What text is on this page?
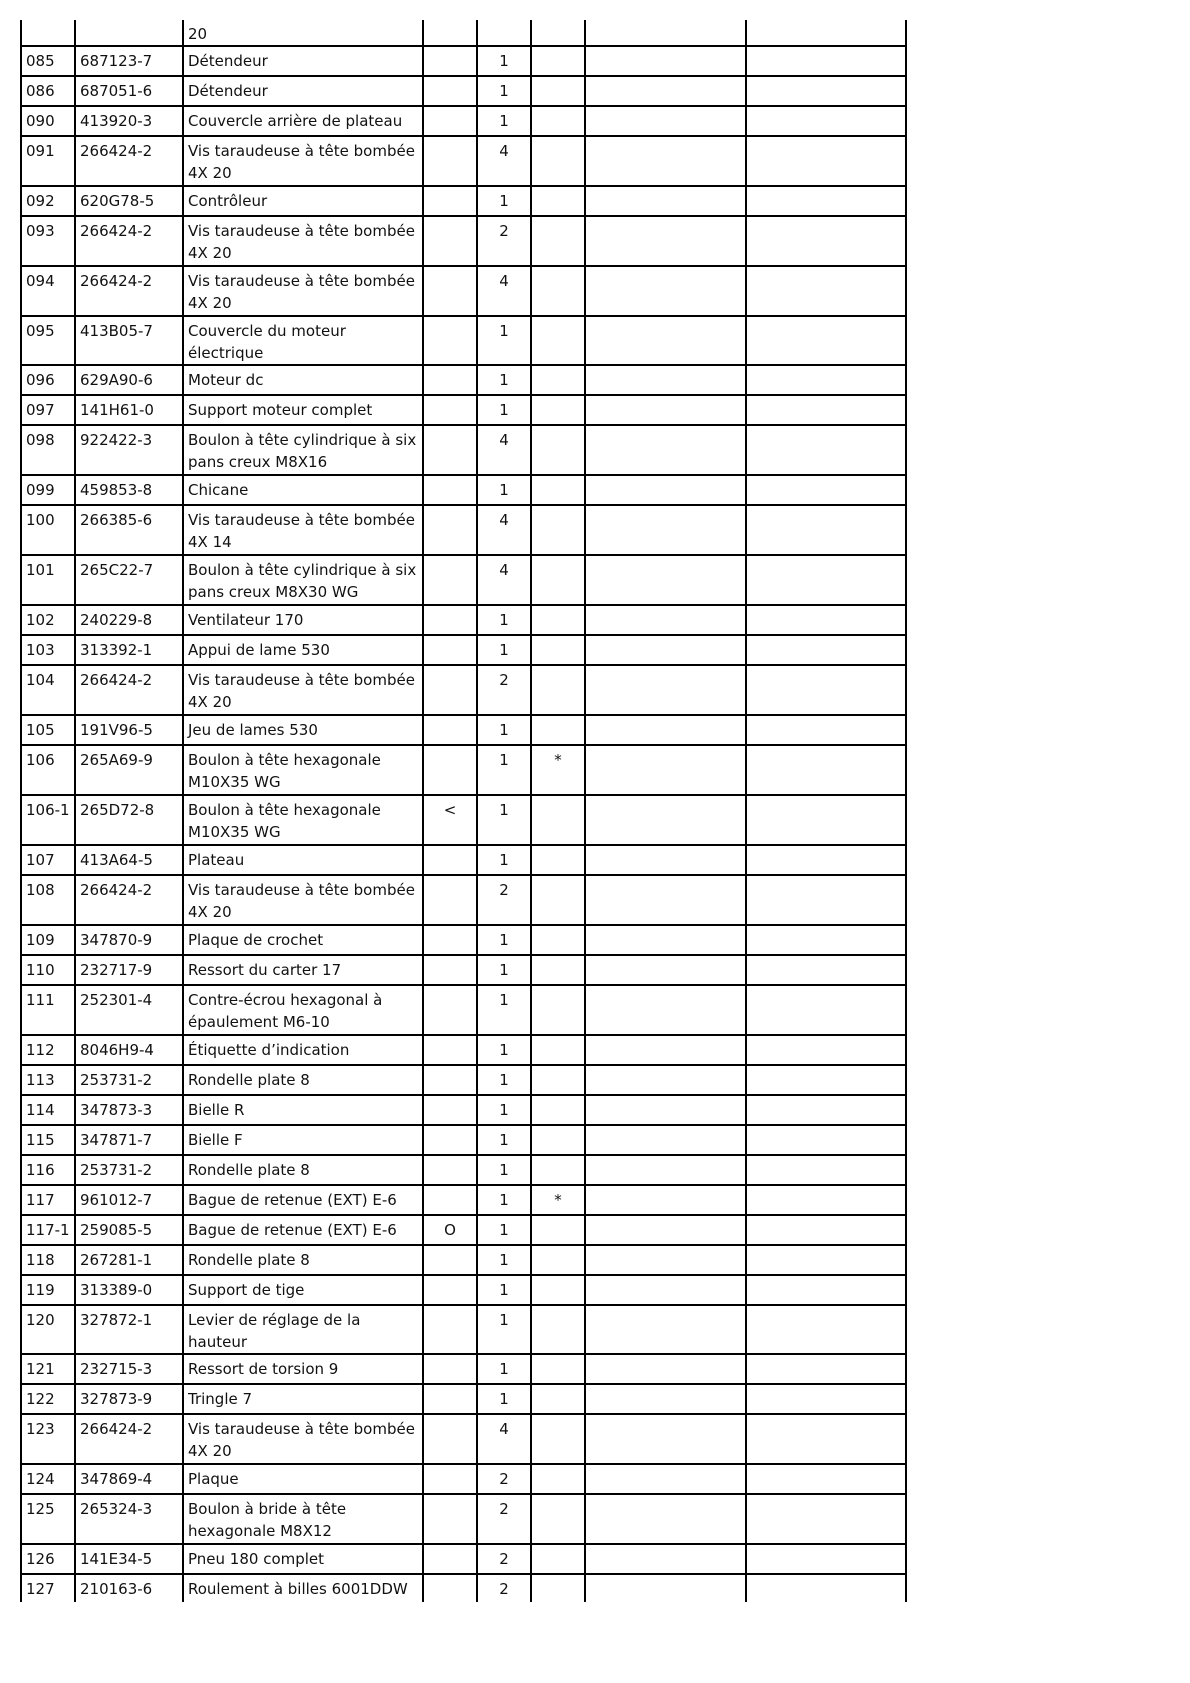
		20					
085	687123-7	Détendeur		1			
086	687051-6	Détendeur		1			
090	413920-3	Couvercle arrière de plateau		1			
091	266424-2	Vis taraudeuse à tête bombée 4X 20		4			
092	620G78-5	Contrôleur		1			
093	266424-2	Vis taraudeuse à tête bombée 4X 20		2			
094	266424-2	Vis taraudeuse à tête bombée 4X 20		4			
095	413B05-7	Couvercle du moteur électrique		1			
096	629A90-6	Moteur dc		1			
097	141H61-0	Support moteur complet		1			
098	922422-3	Boulon à tête cylindrique à six pans creux M8X16		4			
099	459853-8	Chicane		1			
100	266385-6	Vis taraudeuse à tête bombée 4X 14		4			
101	265C22-7	Boulon à tête cylindrique à six pans creux M8X30 WG		4			
102	240229-8	Ventilateur 170		1			
103	313392-1	Appui de lame 530		1			
104	266424-2	Vis taraudeuse à tête bombée 4X 20		2			
105	191V96-5	Jeu de lames 530		1			
106	265A69-9	Boulon à tête hexagonale M10X35 WG		1	*		
106-1	265D72-8	Boulon à tête hexagonale M10X35 WG	<	1			
107	413A64-5	Plateau		1			
108	266424-2	Vis taraudeuse à tête bombée 4X 20		2			
109	347870-9	Plaque de crochet		1			
110	232717-9	Ressort du carter 17		1			
111	252301-4	Contre-écrou hexagonal à épaulement M6-10		1			
112	8046H9-4	Étiquette d’indication		1			
113	253731-2	Rondelle plate 8		1			
114	347873-3	Bielle R		1			
115	347871-7	Bielle F		1			
116	253731-2	Rondelle plate 8		1			
117	961012-7	Bague de retenue (EXT) E-6		1	*		
117-1	259085-5	Bague de retenue (EXT) E-6	O	1			
118	267281-1	Rondelle plate 8		1			
119	313389-0	Support de tige		1			
120	327872-1	Levier de réglage de la hauteur		1			
121	232715-3	Ressort de torsion 9		1			
122	327873-9	Tringle 7		1			
123	266424-2	Vis taraudeuse à tête bombée 4X 20		4			
124	347869-4	Plaque		2			
125	265324-3	Boulon à bride à tête hexagonale M8X12		2			
126	141E34-5	Pneu 180 complet		2			
127	210163-6	Roulement à billes 6001DDW		2			
